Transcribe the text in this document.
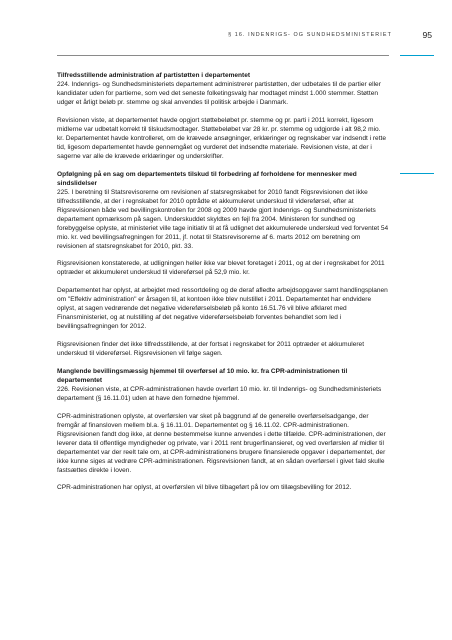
§ 16. INDENRIGS- OG SUNDHEDSMINISTERIET	95

Tilfredsstillende administration af partistøtten i departementet
224. Indenrigs- og Sundhedsministeriets departement administrerer partistøtten, der udbetales til de partier eller kandidater uden for partierne, som ved det seneste folketingsvalg har modtaget mindst 1.000 stemmer. Støtten udgør et årligt beløb pr. stemme og skal anvendes til politisk arbejde i Danmark.

Revisionen viste, at departementet havde opgjort støttebeløbet pr. stemme og pr. parti i 2011 korrekt, ligesom midlerne var udbetalt korrekt til tilskudsmodtager. Støttebeløbet var 28 kr. pr. stemme og udgjorde i alt 98,2 mio. kr. Departementet havde kontrolleret, om de krævede ansøgninger, erklæringer og regnskaber var indsendt i rette tid, ligesom departementet havde gennemgået og vurderet det indsendte materiale. Revisionen viste, at der i sagerne var alle de krævede erklæringer og underskrifter.

Opfølgning på en sag om departementets tilskud til forbedring af forholdene for mennesker med sindslidelser
225. I beretning til Statsrevisorerne om revisionen af statsregnskabet for 2010 fandt Rigsrevisionen det ikke tilfredsstillende, at der i regnskabet for 2010 optrådte et akkumuleret underskud til videreførsel, efter at Rigsrevisionen både ved bevillingskontrollen for 2008 og 2009 havde gjort Indenrigs- og Sundhedsministeriets departement opmærksom på sagen. Underskuddet skyldtes en fejl fra 2004. Ministeren for sundhed og forebyggelse oplyste, at ministeriet ville tage initiativ til at få udlignet det akkumulerede underskud ved forventet 54 mio. kr. ved bevillingsafregningen for 2011, jf. notat til Statsrevisorerne af 6. marts 2012 om beretning om revisionen af statsregnskabet for 2010, pkt. 33.

Rigsrevisionen konstaterede, at udligningen heller ikke var blevet foretaget i 2011, og at der i regnskabet for 2011 optræder et akkumuleret underskud til videreførsel på 52,9 mio. kr.

Departementet har oplyst, at arbejdet med ressortdeling og de deraf afledte arbejdsopgaver samt handlingsplanen om "Effektiv administration" er årsagen til, at kontoen ikke blev nulstillet i 2011. Departementet har endvidere oplyst, at sagen vedrørende det negative videreførselsbeløb på konto 16.51.76 vil blive afklaret med Finansministeriet, og at nulstilling af det negative videreførselsbeløb forventes behandlet som led i bevillingsafregningen for 2012.

Rigsrevisionen finder det ikke tilfredsstillende, at der fortsat i regnskabet for 2011 optræder et akkumuleret underskud til videreførsel. Rigsrevisionen vil følge sagen.

Manglende bevillingsmæssig hjemmel til overførsel af 10 mio. kr. fra CPR-administrationen til departementet
226. Revisionen viste, at CPR-administrationen havde overført 10 mio. kr. til Indenrigs- og Sundhedsministeriets departement (§ 16.11.01) uden at have den fornødne hjemmel.

CPR-administrationen oplyste, at overførslen var sket på baggrund af de generelle overførselsadgange, der fremgår af finansloven mellem bl.a. § 16.11.01. Departementet og § 16.11.02. CPR-administrationen. Rigsrevisionen fandt dog ikke, at denne bestemmelse kunne anvendes i dette tilfælde. CPR-administrationen, der leverer data til offentlige myndigheder og private, var i 2011 rent brugerfinansieret, og ved overførslen af midler til departementet var der reelt tale om, at CPR-administrationens brugere finansierede opgaver i departementet, der ikke kunne siges at vedrøre CPR-administrationen. Rigsrevisionen fandt, at en sådan overførsel i givet fald skulle fastsættes direkte i loven.

CPR-administrationen har oplyst, at overførslen vil blive tilbageført på lov om tillægsbevilling for 2012.
